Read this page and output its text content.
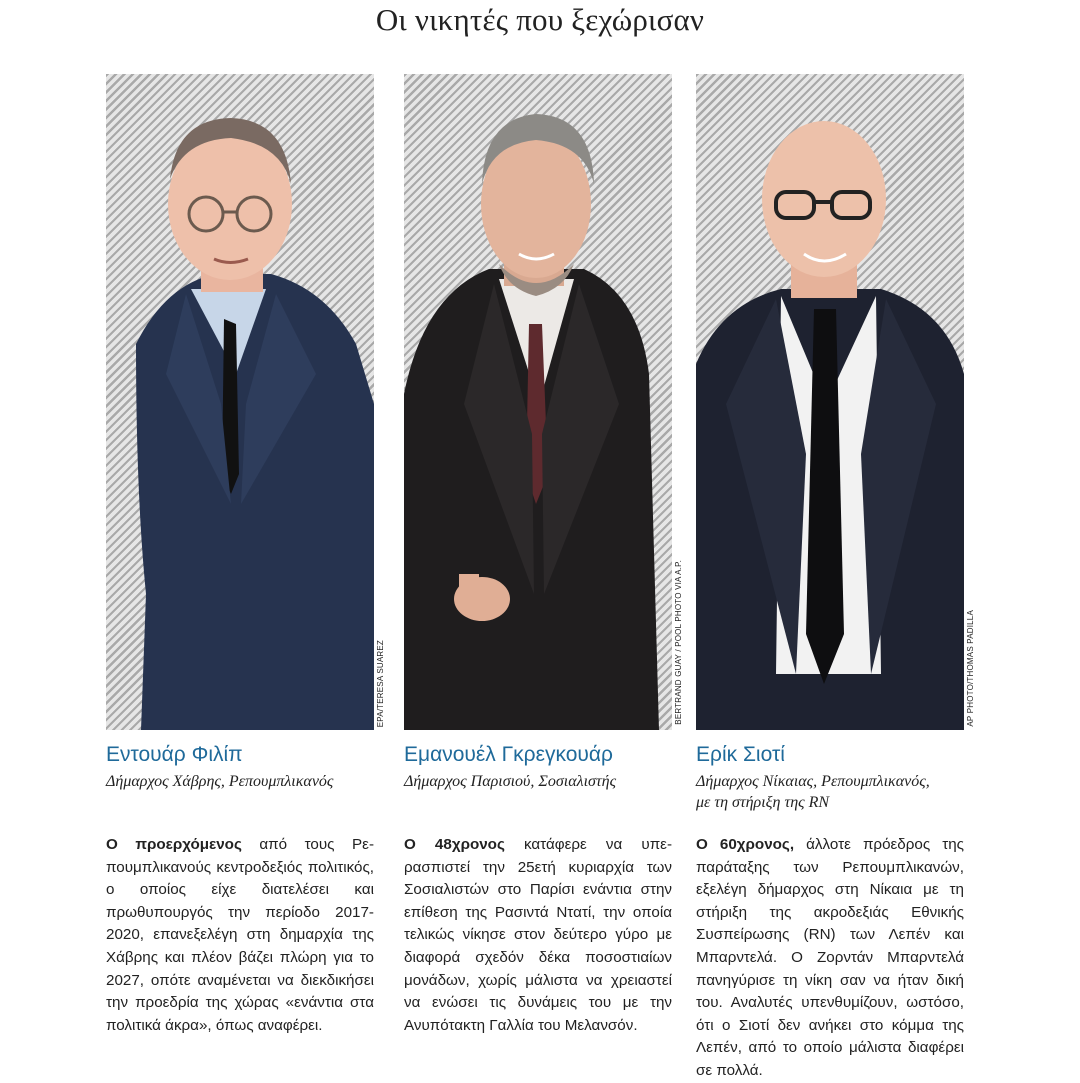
Οι νικητές που ξεχώρισαν
EPA/TERESA SUAREZ	BERTRAND GUAY / POOL PHOTO VIA A.P.	AP PHOTO/THOMAS PADILLA
Εντουάρ Φιλίπ
Δήμαρχος Χάβρης, Ρεπουμπλικανός

Εμανουέλ Γκρεγκουάρ
Δήμαρχος Παρισιού, Σοσιαλιστής

Ερίκ Σιοτί
Δήμαρχος Νίκαιας, Ρεπουμπλικανός,
με τη στήριξη της RN
Ο προερχόμενος από τους Ρεπουμπλικανούς κεντροδεξιός πολιτικός, ο οποίος είχε διατελέσει και πρωθυπουργός την περίοδο 2017-2020, επανεξελέγη στη δημαρχία της Χάβρης και πλέον βάζει πλώρη για το 2027, οπότε αναμένεται να διεκδικήσει την προεδρία της χώρας «ενάντια στα πολιτικά άκρα», όπως αναφέρει.
Ο 48χρονος κατάφερε να υπερασπιστεί την 25ετή κυριαρχία των Σοσιαλιστών στο Παρίσι ενάντια στην επίθεση της Ρασιντά Ντατί, την οποία τελικώς νίκησε στον δεύτερο γύρο με διαφορά σχεδόν δέκα ποσοστιαίων μονάδων, χωρίς μάλιστα να χρειαστεί να ενώσει τις δυνάμεις του με την Ανυπότακτη Γαλλία του Μελανσόν.
Ο 60χρονος, άλλοτε πρόεδρος της παράταξης των Ρεπουμπλικανών, εξελέγη δήμαρχος στη Νίκαια με τη στήριξη της ακροδεξιάς Εθνικής Συσπείρωσης (RN) των Λεπέν και Μπαρντελά. Ο Ζορντάν Μπαρντελά πανηγύρισε τη νίκη σαν να ήταν δική του. Αναλυτές υπενθυμίζουν, ωστόσο, ότι ο Σιοτί δεν ανήκει στο κόμμα της Λεπέν, από το οποίο μάλιστα διαφέρει σε πολλά.
